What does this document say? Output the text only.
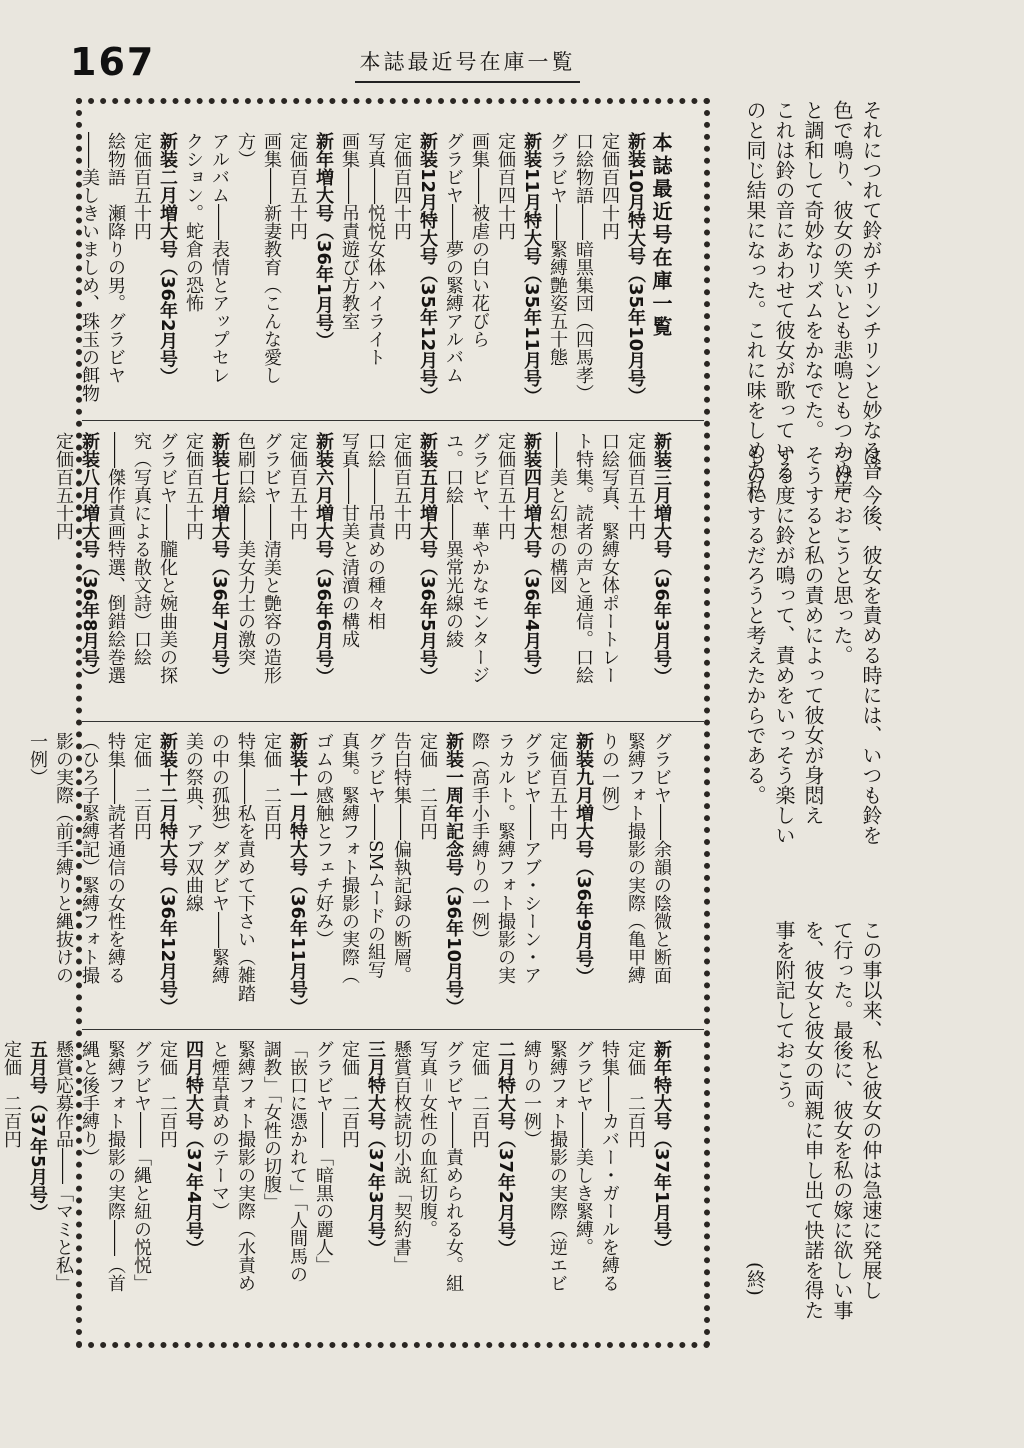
167	本誌最近号在庫一覧

それにつれて鈴がチリンチリンと妙なる音

色で鳴り、彼女の笑いとも悲鳴ともつかぬ声

と調和して奇妙なリズムをかなでた。

これは鈴の音にあわせて彼女が歌っている

のと同じ結果になった。これに味をしめた私

は、今後、彼女を責める時には、いつも鈴を

つけておこうと思った。

そうすると私の責めによって彼女が身悶え

する度に鈴が鳴って、責めをいっそう楽しい

ものにするだろうと考えたからである。

この事以来、私と彼女の仲は急速に発展し

て行った。最後に、彼女を私の嫁に欲しい事

を、彼女と彼女の両親に申し出て快諾を得た

事を附記しておこう。

(終)
本誌最近号在庫一覧
新装10月特大号（35年10月号）
定価百四十円
口絵物語――暗黒集団（四馬孝）
グラビヤ――緊縛艶姿五十態
新装11月特大号（35年11月号）
定価百四十円
画集――被虐の白い花びら
グラビヤ――夢の緊縛アルバム
新装12月特大号（35年12月号）
定価百四十円
写真――悦悦女体ハイライト
画集――吊責遊び方教室
新年増大号（36年1月号）
定価百五十円
画集――新妻教育（こんな愛し
方）
アルバム――表情とアップセレ
クション。蛇倉の恐怖
新装二月増大号（36年2月号）
定価百五十円
絵物語　瀬降りの男。グラビヤ
――美しきいましめ、珠玉の餌物
新装三月増大号（36年3月号）
定価百五十円
口絵写真、緊縛女体ポートレー
ト特集。読者の声と通信。口絵
――美と幻想の構図
新装四月増大号（36年4月号）
定価百五十円
グラビヤ、華やかなモンタージ
ユ。口絵――異常光線の綾
新装五月増大号（36年5月号）
定価百五十円
口絵――吊責めの種々相
写真――甘美と清瀆の構成
新装六月増大号（36年6月号）
定価百五十円
グラビヤ――清美と艶容の造形
色刷口絵――美女力士の激突
新装七月増大号（36年7月号）
定価百五十円
グラビヤ――朧化と婉曲美の探
究（写真による散文詩）口絵
――傑作責画特選、倒錯絵巻選
新装八月増大号（36年8月号）
定価百五十円
グラビヤ――余韻の陰微と断面
緊縛フォト撮影の実際（亀甲縛
りの一例）
新装九月増大号（36年9月号）
定価百五十円
グラビヤ――アブ・シーン・ア
ラカルト。緊縛フォト撮影の実
際（高手小手縛りの一例）
新装一周年記念号（36年10月号）
定価　二百円
告白特集――偏執記録の断層。
グラビヤ――SMムードの組写
真集。緊縛フォト撮影の実際（
ゴムの感触とフェチ好み）
新装十一月特大号（36年11月号）
定価　二百円
特集――私を責めて下さい（雑踏
の中の孤独）ダグビヤ――緊縛
美の祭典、アブ双曲線
新装十二月特大号（36年12月号）
定価　二百円
特集――読者通信の女性を縛る
（ひろ子緊縛記）緊縛フォト撮
影の実際（前手縛りと縄抜けの
一例）
新年特大号（37年1月号）
定価　二百円
特集――カバー・ガールを縛る
グラビヤ――美しき緊縛。
緊縛フォト撮影の実際（逆エビ
縛りの一例）
二月特大号（37年2月号）
定価　二百円
グラビヤ――責められる女。組
写真＝女性の血紅切腹。
懸賞百枚読切小説「契約書」
三月特大号（37年3月号）
定価　二百円
グラビヤ――「暗黒の麗人」
「嵌口に憑かれて」「人間馬の
調教」「女性の切腹」
緊縛フォト撮影の実際（水責め
と煙草責めのテーマ）
四月特大号（37年4月号）
定価　二百円
グラビヤ――「縄と紐の悦悦」
緊縛フォト撮影の実際――（首
縄と後手縛り）
懸賞応募作品――「マミと私」
五月号（37年5月号）
定価　二百円
